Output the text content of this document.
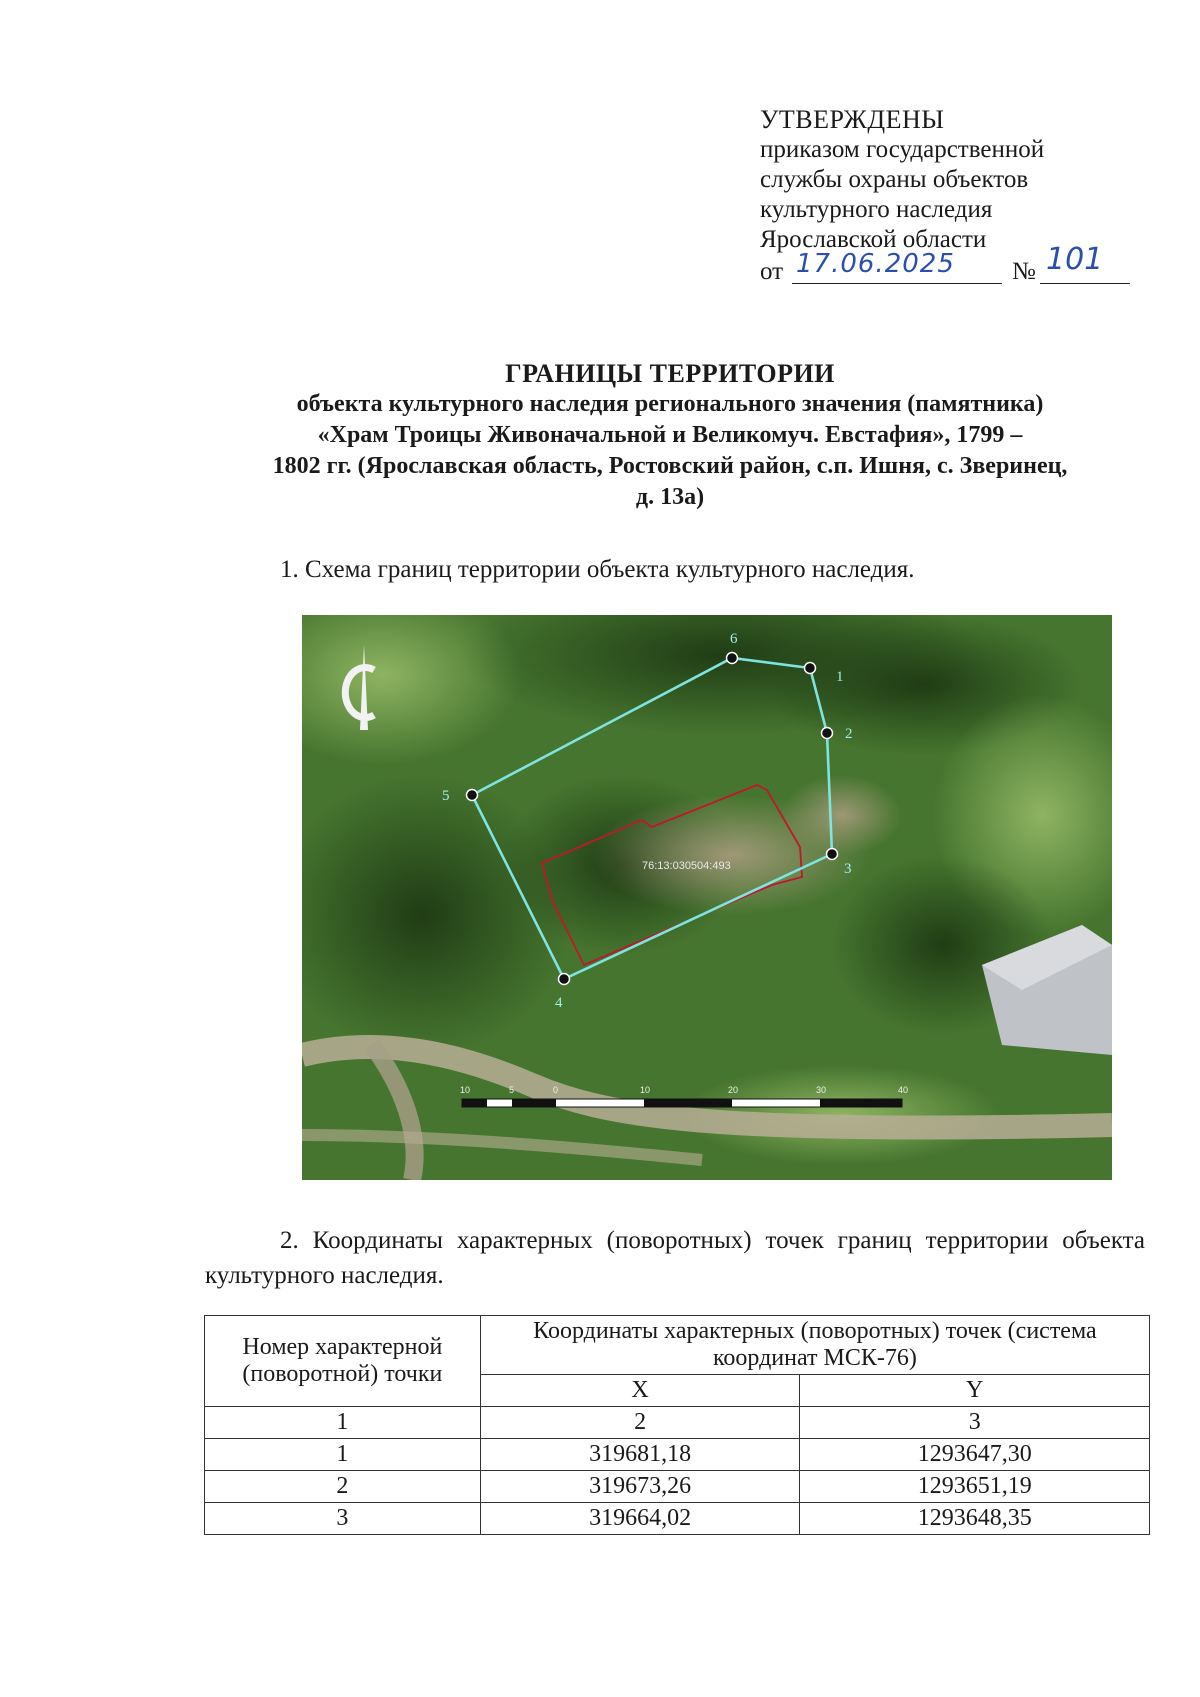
УТВЕРЖДЕНЫ
приказом государственной
службы охраны объектов
культурного наследия
Ярославской области
от 17.06.2025 № 101
ГРАНИЦЫ ТЕРРИТОРИИ
объекта культурного наследия регионального значения (памятника)
«Храм Троицы Живоначальной и Великомуч. Евстафия», 1799 –
1802 гг. (Ярославская область, Ростовский район, с.п. Ишня, с. Зверинец,
д. 13а)
1. Схема границ территории объекта культурного наследия.
76:13:030504:493
1
2
3
4
5
6
10	5	0	10	20	30	40
2. Координаты характерных (поворотных) точек границ территории объекта культурного наследия.
Номер характерной (поворотной) точки	Координаты характерных (поворотных) точек (система координат МСК-76)	
	X	Y
1	2	3
1	319681,18	1293647,30
2	319673,26	1293651,19
3	319664,02	1293648,35
